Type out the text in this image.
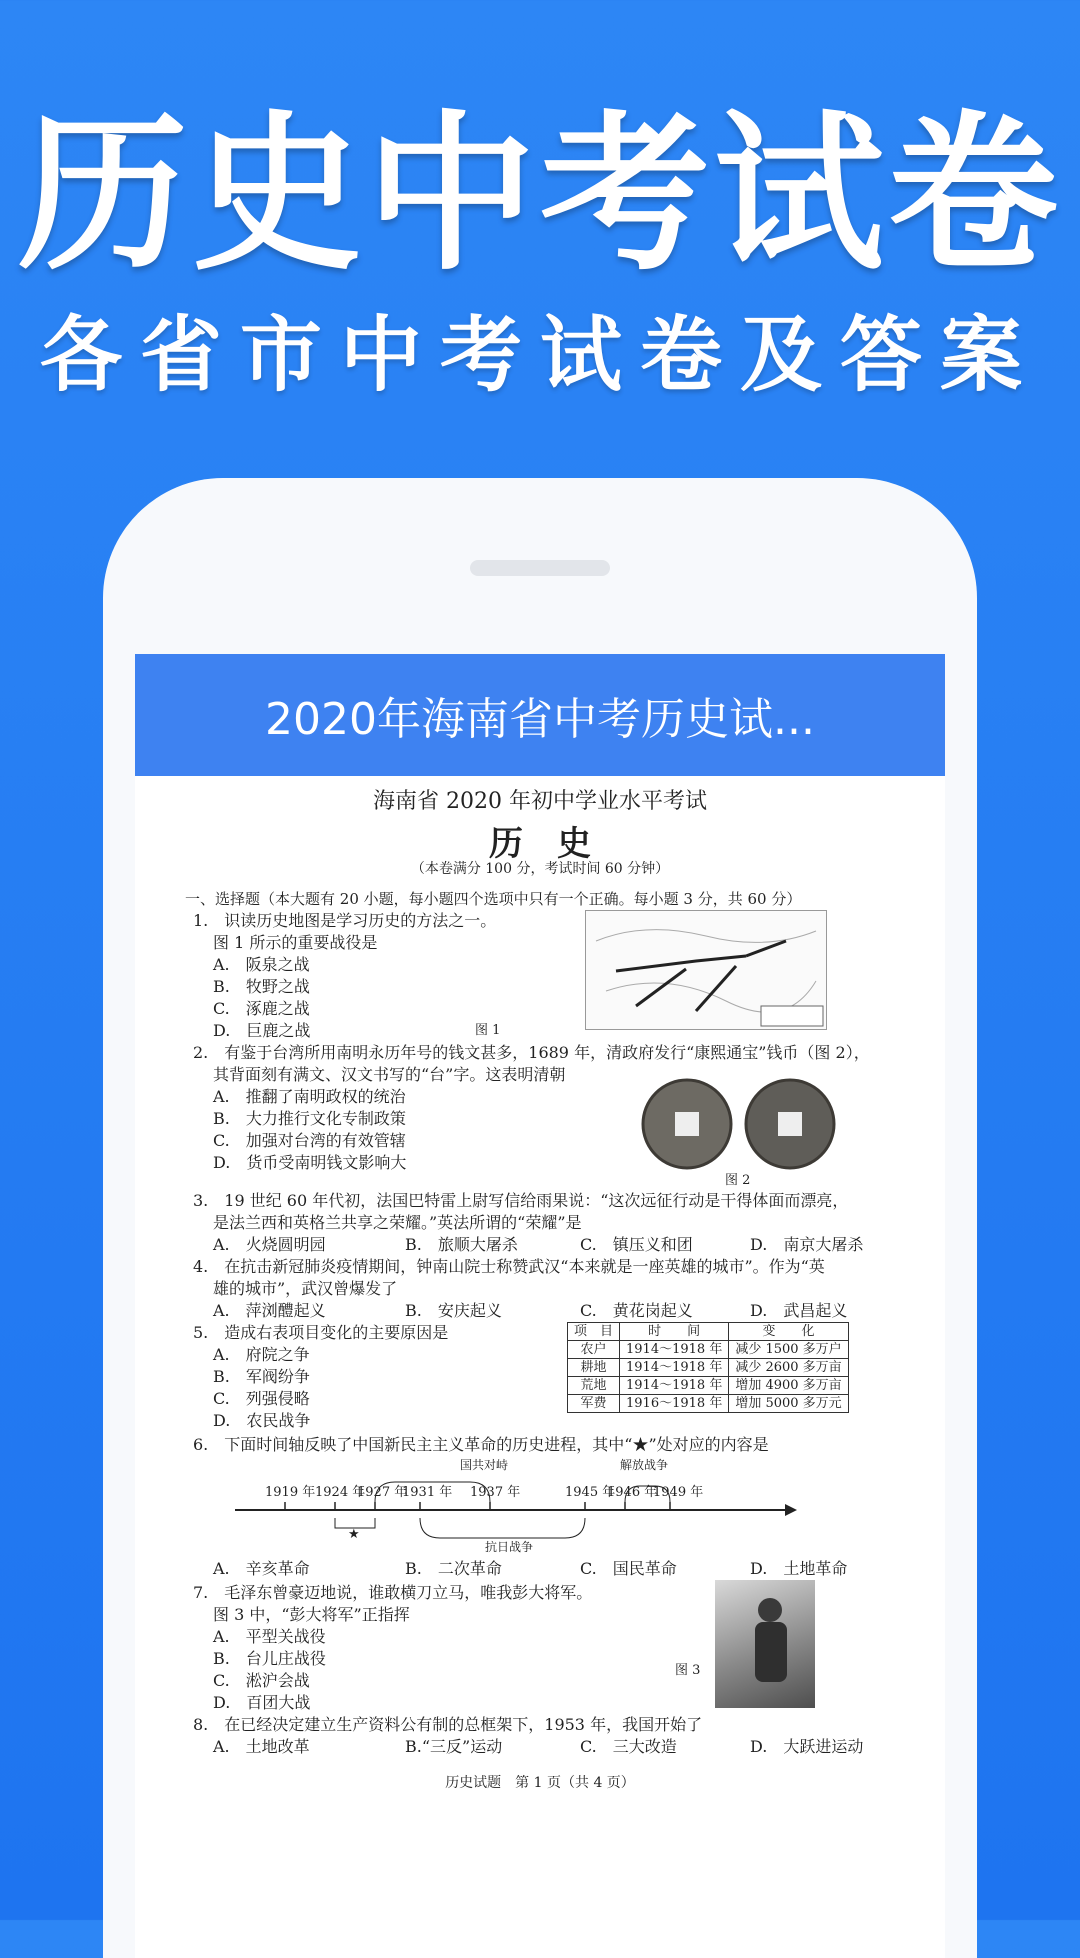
历史中考试卷
各省市中考试卷及答案
2020年海南省中考历史试...
海南省 2020 年初中学业水平考试
历　史
（本卷满分 100 分，考试时间 60 分钟）
一、选择题（本大题有 20 小题，每小题四个选项中只有一个正确。每小题 3 分，共 60 分）
1.　识读历史地图是学习历史的方法之一。
图 1 所示的重要战役是
A.　阪泉之战
B.　牧野之战
C.　涿鹿之战
D.　巨鹿之战	图 1
2.　有鉴于台湾所用南明永历年号的钱文甚多，1689 年，清政府发行“康熙通宝”钱币（图 2），
其背面刻有满文、汉文书写的“台”字。这表明清朝
A.　推翻了南明政权的统治
B.　大力推行文化专制政策
C.　加强对台湾的有效管辖
D.　货币受南明钱文影响大
图 2
3.　19 世纪 60 年代初，法国巴特雷上尉写信给雨果说：“这次远征行动是干得体面而漂亮，
是法兰西和英格兰共享之荣耀。”英法所谓的“荣耀”是
A.　火烧圆明园	B.　旅顺大屠杀	C.　镇压义和团	D.　南京大屠杀
4.　在抗击新冠肺炎疫情期间，钟南山院士称赞武汉“本来就是一座英雄的城市”。作为“英
雄的城市”，武汉曾爆发了
A.　萍浏醴起义	B.　安庆起义	C.　黄花岗起义	D.　武昌起义
5.　造成右表项目变化的主要原因是
A.　府院之争
B.　军阀纷争
C.　列强侵略
D.　农民战争
项　目	时　　间	变　　化
农户	1914～1918 年	减少 1500 多万户
耕地	1914～1918 年	减少 2600 多万亩
荒地	1914～1918 年	增加 4900 多万亩
军费	1916～1918 年	增加 5000 多万元
6.　下面时间轴反映了中国新民主主义革命的历史进程，其中“★”处对应的内容是
国共对峙	解放战争
1919 年 1924 年
1927 年
1931 年 1937 年	1945 年
1946 年
1949 年
★
抗日战争
A.　辛亥革命	B.　二次革命	C.　国民革命	D.　土地革命
7.　毛泽东曾豪迈地说，谁敢横刀立马，唯我彭大将军。
图 3 中，“彭大将军”正指挥
A.　平型关战役
B.　台儿庄战役
C.　淞沪会战
D.　百团大战
图 3
8.　在已经决定建立生产资料公有制的总框架下，1953 年，我国开始了
A.　土地改革	B.“三反”运动	C.　三大改造	D.　大跃进运动
历史试题　第 1 页（共 4 页）
